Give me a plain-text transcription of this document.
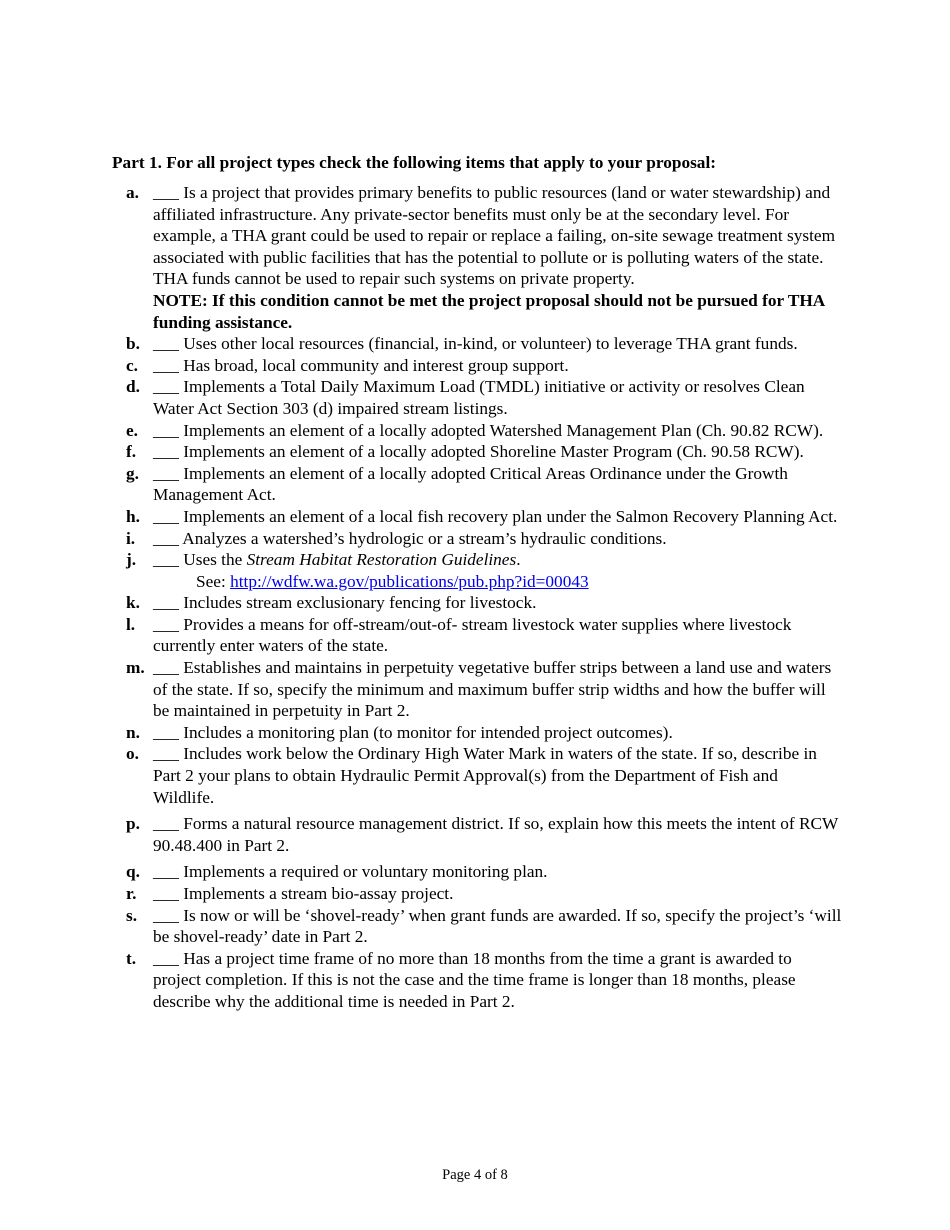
Part 1. For all project types check the following items that apply to your proposal:
a. ___ Is a project that provides primary benefits to public resources (land or water stewardship) and affiliated infrastructure. Any private-sector benefits must only be at the secondary level. For example, a THA grant could be used to repair or replace a failing, on-site sewage treatment system associated with public facilities that has the potential to pollute or is polluting waters of the state. THA funds cannot be used to repair such systems on private property.
NOTE: If this condition cannot be met the project proposal should not be pursued for THA funding assistance.
b. ___ Uses other local resources (financial, in-kind, or volunteer) to leverage THA grant funds.
c. ___ Has broad, local community and interest group support.
d. ___ Implements a Total Daily Maximum Load (TMDL) initiative or activity or resolves Clean Water Act Section 303 (d) impaired stream listings.
e. ___ Implements an element of a locally adopted Watershed Management Plan (Ch. 90.82 RCW).
f. ___ Implements an element of a locally adopted Shoreline Master Program (Ch. 90.58 RCW).
g. ___ Implements an element of a locally adopted Critical Areas Ordinance under the Growth Management Act.
h. ___ Implements an element of a local fish recovery plan under the Salmon Recovery Planning Act.
i.	___ Analyzes a watershed’s hydrologic or a stream’s hydraulic conditions.
j. ___ Uses the Stream Habitat Restoration Guidelines.
See: http://wdfw.wa.gov/publications/pub.php?id=00043
k. ___ Includes stream exclusionary fencing for livestock.
l.	___ Provides a means for off-stream/out-of- stream livestock water supplies where livestock currently enter waters of the state.
m. ___ Establishes and maintains in perpetuity vegetative buffer strips between a land use and waters of the state. If so, specify the minimum and maximum buffer strip widths and how the buffer will be maintained in perpetuity in Part 2.
n. ___ Includes a monitoring plan (to monitor for intended project outcomes).
o. ___ Includes work below the Ordinary High Water Mark in waters of the state. If so, describe in Part 2 your plans to obtain Hydraulic Permit Approval(s) from the Department of Fish and Wildlife.
p. ___ Forms a natural resource management district. If so, explain how this meets the intent of RCW 90.48.400 in Part 2.
q. ___ Implements a required or voluntary monitoring plan.
r. ___ Implements a stream bio-assay project.
s. ___ Is now or will be ‘shovel-ready’ when grant funds are awarded. If so, specify the project’s ‘will be shovel-ready’ date in Part 2.
t. ___ Has a project time frame of no more than 18 months from the time a grant is awarded to project completion. If this is not the case and the time frame is longer than 18 months, please describe why the additional time is needed in Part 2.
Page 4 of 8
